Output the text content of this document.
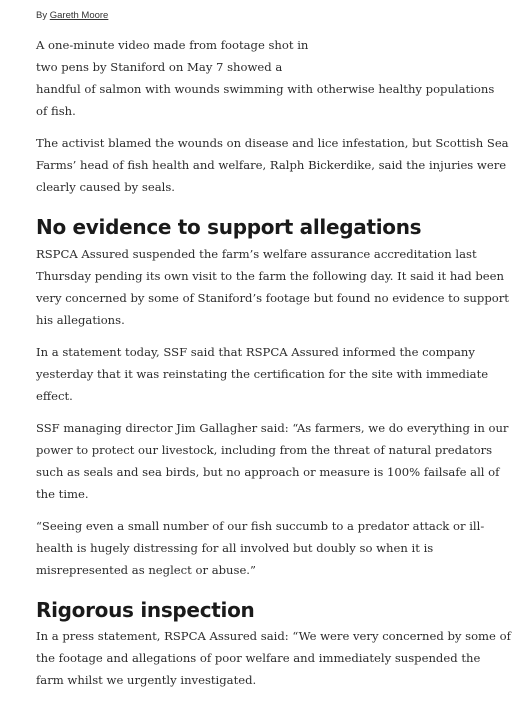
By Gareth Moore

A one-minute video made from footage shot in
two pens by Staniford on May 7 showed a
handful of salmon with wounds swimming with otherwise healthy populations
of fish.

The activist blamed the wounds on disease and lice infestation, but Scottish Sea
Farms’ head of fish health and welfare, Ralph Bickerdike, said the injuries were
clearly caused by seals.

No evidence to support allegations

RSPCA Assured suspended the farm’s welfare assurance accreditation last
Thursday pending its own visit to the farm the following day. It said it had been
very concerned by some of Staniford’s footage but found no evidence to support
his allegations.

In a statement today, SSF said that RSPCA Assured informed the company
yesterday that it was reinstating the certification for the site with immediate
effect.

SSF managing director Jim Gallagher said: “As farmers, we do everything in our
power to protect our livestock, including from the threat of natural predators
such as seals and sea birds, but no approach or measure is 100% failsafe all of
the time.

“Seeing even a small number of our fish succumb to a predator attack or ill-
health is hugely distressing for all involved but doubly so when it is
misrepresented as neglect or abuse.”

Rigorous inspection

In a press statement, RSPCA Assured said: “We were very concerned by some of
the footage and allegations of poor welfare and immediately suspended the
farm whilst we urgently investigated.
